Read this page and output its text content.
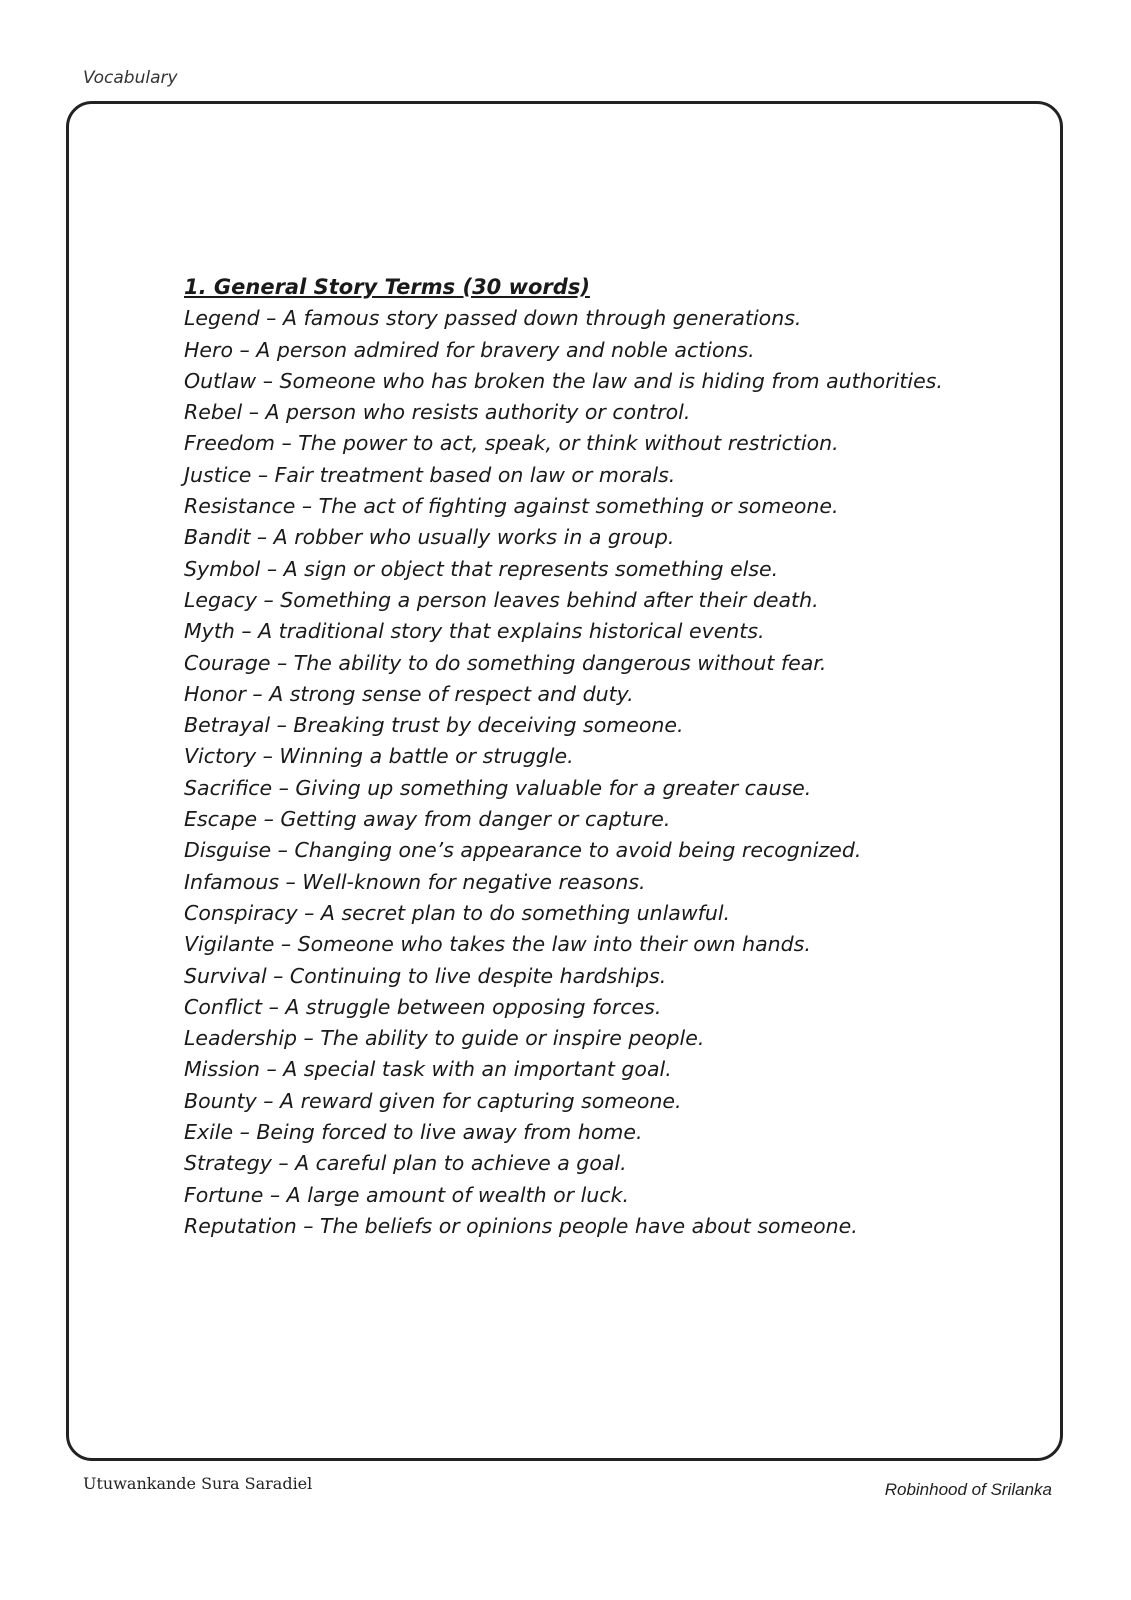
Vocabulary
1. General Story Terms (30 words)
Legend – A famous story passed down through generations.
Hero – A person admired for bravery and noble actions.
Outlaw – Someone who has broken the law and is hiding from authorities.
Rebel – A person who resists authority or control.
Freedom – The power to act, speak, or think without restriction.
Justice – Fair treatment based on law or morals.
Resistance – The act of fighting against something or someone.
Bandit – A robber who usually works in a group.
Symbol – A sign or object that represents something else.
Legacy – Something a person leaves behind after their death.
Myth – A traditional story that explains historical events.
Courage – The ability to do something dangerous without fear.
Honor – A strong sense of respect and duty.
Betrayal – Breaking trust by deceiving someone.
Victory – Winning a battle or struggle.
Sacrifice – Giving up something valuable for a greater cause.
Escape – Getting away from danger or capture.
Disguise – Changing one’s appearance to avoid being recognized.
Infamous – Well-known for negative reasons.
Conspiracy – A secret plan to do something unlawful.
Vigilante – Someone who takes the law into their own hands.
Survival – Continuing to live despite hardships.
Conflict – A struggle between opposing forces.
Leadership – The ability to guide or inspire people.
Mission – A special task with an important goal.
Bounty – A reward given for capturing someone.
Exile – Being forced to live away from home.
Strategy – A careful plan to achieve a goal.
Fortune – A large amount of wealth or luck.
Reputation – The beliefs or opinions people have about someone.
Utuwankande Sura Saradiel	Robinhood of Srilanka
